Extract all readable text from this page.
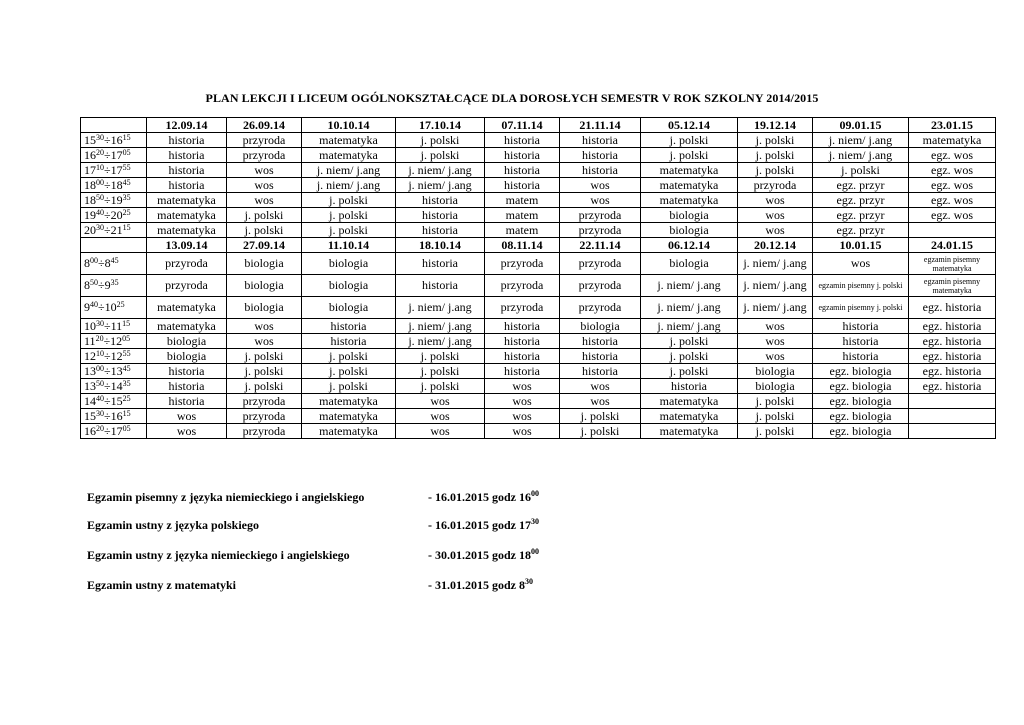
PLAN LEKCJI I LICEUM OGÓLNOKSZTAŁCĄCE DLA DOROSŁYCH SEMESTR V ROK SZKOLNY 2014/2015
	12.09.14	26.09.14	10.10.14	17.10.14	07.11.14	21.11.14	05.12.14	19.12.14	09.01.15	23.01.15
$15^{30}\div 16^{15}$	historia	przyroda	matematyka	j. polski	historia	historia	j. polski	j. polski	j. niem/ j.ang	matematyka
$16^{20}\div 17^{05}$	historia	przyroda	matematyka	j. polski	historia	historia	j. polski	j. polski	j. niem/ j.ang	egz. wos
$17^{10}\div 17^{55}$	historia	wos	j. niem/ j.ang	j. niem/ j.ang	historia	historia	matematyka	j. polski	j. polski	egz. wos
$18^{00}\div 18^{45}$	historia	wos	j. niem/ j.ang	j. niem/ j.ang	historia	wos	matematyka	przyroda	egz. przyr	egz. wos
$18^{50}\div 19^{35}$	matematyka	wos	j. polski	historia	matem	wos	matematyka	wos	egz. przyr	egz. wos
$19^{40}\div 20^{25}$	matematyka	j. polski	j. polski	historia	matem	przyroda	biologia	wos	egz. przyr	egz. wos
$20^{30}\div 21^{15}$	matematyka	j. polski	j. polski	historia	matem	przyroda	biologia	wos	egz. przyr	
	13.09.14	27.09.14	11.10.14	18.10.14	08.11.14	22.11.14	06.12.14	20.12.14	10.01.15	24.01.15
$8^{00}\div 8^{45}$	przyroda	biologia	biologia	historia	przyroda	przyroda	biologia	j. niem/ j.ang	wos	egzamin pisemny matematyka
$8^{50}\div 9^{35}$	przyroda	biologia	biologia	historia	przyroda	przyroda	j. niem/ j.ang	j. niem/ j.ang	egzamin pisemny j. polski	egzamin pisemny matematyka
$9^{40}\div 10^{25}$	matematyka	biologia	biologia	j. niem/ j.ang	przyroda	przyroda	j. niem/ j.ang	j. niem/ j.ang	egzamin pisemny j. polski	egz. historia
$10^{30}\div 11^{15}$	matematyka	wos	historia	j. niem/ j.ang	historia	biologia	j. niem/ j.ang	wos	historia	egz. historia
$11^{20}\div 12^{05}$	biologia	wos	historia	j. niem/ j.ang	historia	historia	j. polski	wos	historia	egz. historia
$12^{10}\div 12^{55}$	biologia	j. polski	j. polski	j. polski	historia	historia	j. polski	wos	historia	egz. historia
$13^{00}\div 13^{45}$	historia	j. polski	j. polski	j. polski	historia	historia	j. polski	biologia	egz. biologia	egz. historia
$13^{50}\div 14^{35}$	historia	j. polski	j. polski	j. polski	wos	wos	historia	biologia	egz. biologia	egz. historia
$14^{40}\div 15^{25}$	historia	przyroda	matematyka	wos	wos	wos	matematyka	j. polski	egz. biologia	
$15^{30}\div 16^{15}$	wos	przyroda	matematyka	wos	wos	j. polski	matematyka	j. polski	egz. biologia	
$16^{20}\div 17^{05}$	wos	przyroda	matematyka	wos	wos	j. polski	matematyka	j. polski	egz. biologia	
Egzamin pisemny z języka niemieckiego i angielskiego	- 16.01.2015 godz $16^{00}$
Egzamin ustny z języka polskiego	- 16.01.2015 godz $17^{30}$
Egzamin ustny z języka niemieckiego i angielskiego	- 30.01.2015 godz $18^{00}$
Egzamin ustny z matematyki	- 31.01.2015 godz $8^{30}$
